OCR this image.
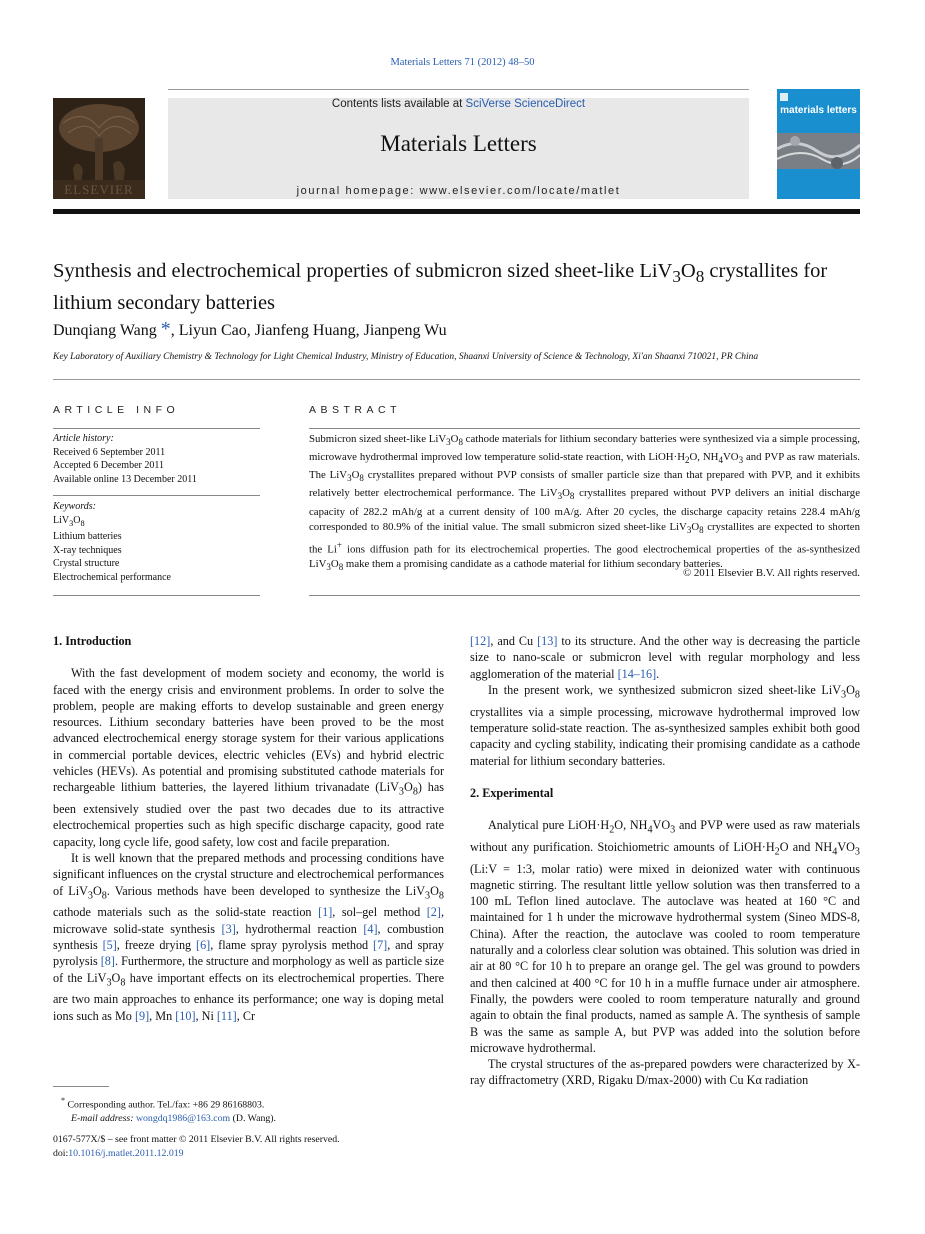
Materials Letters 71 (2012) 48–50
ELSEVIER
Contents lists available at SciVerse ScienceDirect
Materials Letters
journal homepage: www.elsevier.com/locate/matlet
materials letters
Synthesis and electrochemical properties of submicron sized sheet-like $LiV_3O_8$ crystallites for lithium secondary batteries
Dunqiang Wang *, Liyun Cao, Jianfeng Huang, Jianpeng Wu
Key Laboratory of Auxiliary Chemistry & Technology for Light Chemical Industry, Ministry of Education, Shaanxi University of Science & Technology, Xi'an Shaanxi 710021, PR China
ARTICLE INFO	ABSTRACT
Article history:
Received 6 September 2011
Accepted 6 December 2011
Available online 13 December 2011
Keywords:
$LiV_3O_8$
Lithium batteries
X-ray techniques
Crystal structure
Electrochemical performance
Submicron sized sheet-like $LiV_3O_8$ cathode materials for lithium secondary batteries were synthesized via a simple processing, microwave hydrothermal improved low temperature solid-state reaction, with $LiOH\cdot H_2O$, $NH_4VO_3$ and PVP as raw materials. The $LiV_3O_8$ crystallites prepared without PVP consists of smaller particle size than that prepared with PVP, and it exhibits relatively better electrochemical performance. The $LiV_3O_8$ crystallites prepared without PVP delivers an initial discharge capacity of 282.2 mAh/g at a current density of 100 mA/g. After 20 cycles, the discharge capacity retains 228.4 mAh/g corresponded to 80.9% of the initial value. The small submicron sized sheet-like $LiV_3O_8$ crystallites are expected to shorten the Li+ ions diffusion path for its electrochemical properties. The good electrochemical properties of the as-synthesized $LiV_3O_8$ make them a promising candidate as a cathode material for lithium secondary batteries.
© 2011 Elsevier B.V. All rights reserved.
1. Introduction

With the fast development of modem society and economy, the world is faced with the energy crisis and environment problems. In order to solve the problem, people are making efforts to develop sustainable and green energy resources. Lithium secondary batteries have been proved to be the most advanced electrochemical energy storage system for their various applications in commercial portable devices, electric vehicles (EVs) and hybrid electric vehicles (HEVs). As potential and promising substituted cathode materials for rechargeable lithium batteries, the layered lithium trivanadate $(LiV_3O_8)$ has been extensively studied over the past two decades due to its attractive electrochemical properties such as high specific discharge capacity, good rate capacity, long cycle life, good safety, low cost and facile preparation.

It is well known that the prepared methods and processing conditions have significant influences on the crystal structure and electrochemical performances of $LiV_3O_8$. Various methods have been developed to synthesize the $LiV_3O_8$ cathode materials such as the solid-state reaction [1], sol–gel method [2], microwave solid-state synthesis [3], hydrothermal reaction [4], combustion synthesis [5], freeze drying [6], flame spray pyrolysis method [7], and spray pyrolysis [8]. Furthermore, the structure and morphology as well as particle size of the $LiV_3O_8$ have important effects on its electrochemical properties. There are two main approaches to enhance its performance; one way is doping metal ions such as Mo [9], Mn [10], Ni [11], Cr

[12], and Cu [13] to its structure. And the other way is decreasing the particle size to nano-scale or submicron level with regular morphology and less agglomeration of the material [14–16].

In the present work, we synthesized submicron sized sheet-like $LiV_3O_8$ crystallites via a simple processing, microwave hydrothermal improved low temperature solid-state reaction. The as-synthesized samples exhibit both good capacity and cycling stability, indicating their promising candidate as a cathode material for lithium secondary batteries.

2. Experimental

Analytical pure $LiOH\cdot H_2O$, $NH_4VO_3$ and PVP were used as raw materials without any purification. Stoichiometric amounts of $LiOH\cdot H_2O$ and $NH_4VO_3$ (Li:V = 1:3, molar ratio) were mixed in deionized water with continuous magnetic stirring. The resultant little yellow solution was then transferred to a 100 mL Teflon lined autoclave. The autoclave was heated at 160 °C and maintained for 1 h under the microwave hydrothermal system (Sineo MDS-8, China). After the reaction, the autoclave was cooled to room temperature naturally and a colorless clear solution was obtained. This solution was dried in air at 80 °C for 10 h to prepare an orange gel. The gel was ground to powders and then calcined at 400 °C for 10 h in a muffle furnace under air atmosphere. Finally, the powders were cooled to room temperature naturally and ground again to obtain the final products, named as sample A. The synthesis of sample B was the same as sample A, but PVP was added into the solution before microwave hydrothermal.

The crystal structures of the as-prepared powders were characterized by X-ray diffractometry (XRD, Rigaku D/max-2000) with Cu Kα radiation

* Corresponding author. Tel./fax: +86 29 86168803.
E-mail address: wongdq1986@163.com (D. Wang).
0167-577X/$ – see front matter © 2011 Elsevier B.V. All rights reserved.
doi:10.1016/j.matlet.2011.12.019
